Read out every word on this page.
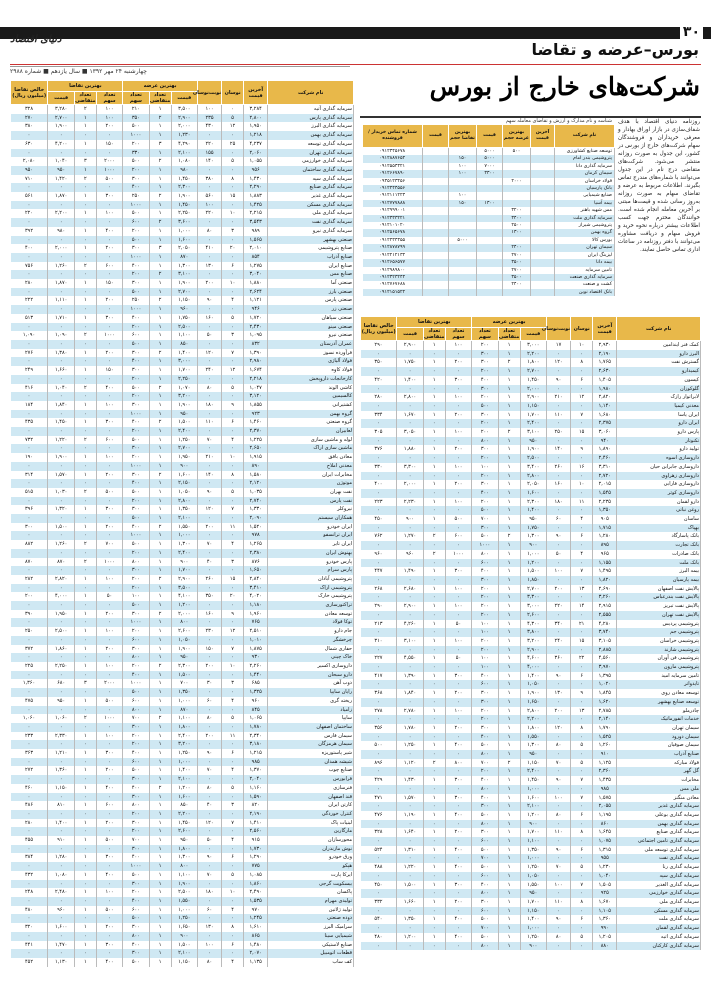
۳۰
دنیای اقتصاد
بورس–عرضه و تقاضا
چهارشنبه ۲۴ مهر ۱۳۹۲ ■ سال یازدهم ■ شماره ۲۹۸۸
شرکت‌های خارج از بورس
روزنامه دنیای اقتصاد با هدف شفاف‌سازی در بازار اوراق بهادار و معرفی خریداران و فروشندگان سهام شرکت‌های خارج از بورس در کشور، این جدول به صورت روزانه منتشر می‌شود. شرکت‌های متقاضی درج نام در این جدول می‌توانند با شماره‌های مندرج تماس بگیرند. اطلاعات مربوط به عرضه و تقاضای سهام به صورت روزانه به‌روز رسانی شده و قیمت‌ها مبتنی بر آخرین معامله انجام شده است. خوانندگان محترم جهت کسب اطلاعات بیشتر درباره نحوه خرید و فروش سهام و دریافت مشاوره می‌توانند با دفتر روزنامه در ساعات اداری تماس حاصل نمایند.
شناسه و نام مدارک و ارزش و تقاضای معامله سهم
نام شرکت	آخرین قیمت	بهترین عرضه حجم	قیمت	بهترین تقاضا حجم	قیمت	شماره تماس خریدار / فروشنده
توسعه صنایع کشاورزی		۵۰۰	۵۰۰۰			۰۹۱۲۳۴۵۶۷۸
پتروشیمی بندر امام			۵۰۰۰	۱۵۰		۰۹۱۲۸۸۷۶۵۴
سرمایه گذاری دانا			۷۰۰۰	۱۰۰		۰۹۱۲۵۵۴۳۲۱
سیمان کرمان			۳۳۰۰	۱۰۰		۰۹۱۲۶۶۷۸۹۰
فولاد خراسان		۲۰۰۰				۰۹۳۵۱۲۳۴۵۶
بانک پارسیان						۰۹۱۲۴۴۴۵۵۶
صنایع شیمیایی				۱۰۰		۰۹۱۲۱۱۱۲۲۳
بیمه آسیا			۱۳۰۰	۱۵۰		۰۹۱۲۷۷۷۸۸۸
مس شهید باهنر		۳۲۰۰				۰۹۱۲۹۹۹۰۰۱
سرمایه گذاری ملت		۳۴۰۰				۰۹۱۲۳۳۳۲۲۱
پتروشیمی شیراز		۲۵۰۰				۰۹۱۲۱۰۱۰۲۰
گروه بهمن		۱۳۰۰				۰۹۱۲۵۶۵۶۷۸
بورس کالا				۵۰۰۰		۰۹۱۲۴۳۴۳۵۵
سیمان تهران		۲۴۰۰				۰۹۱۲۸۷۸۷۹۹
لیزینگ ایران		۲۷۰۰				۰۹۱۲۲۱۲۱۳۴
بیمه دانا		۳۵۰۰				۰۹۱۲۶۵۶۵۷۷
تامین سرمایه		۲۷۰۰				۰۹۱۲۹۸۹۸۰۰
سرمایه گذاری صنعت		۳۵۰۰				۰۹۱۲۳۲۳۲۴۴
کشت و صنعت		۲۴۰۰				۰۹۱۲۷۶۷۶۸۸
بانک اقتصاد نوین						۰۹۱۲۱۵۱۵۲۲
نام شرکت	آخرین قیمت	نوسان	نوبت‌نوسان	بهترین عرضه			بهترین تقاضا			خالص تقاضا (میلیون ریال)
				قیمت	تعداد متقاضی	تعداد سهم	تعداد سهم	تعداد متقاضی	قیمت	
سرمایه گذاری آتیه	۳,۲۸۴	۰	۱۰۰	۳,۵۰۰	۱	۲۱۰	۱۰۰	۲	۳,۲۸۰	۳۲۸
سرمایه گذاری پارس	۲,۸۰۰	۵	۲۳۵	۲,۹۰۰	۲	۳۵۰	۱۰۰	۱	۲,۷۰۰	۲۷۰
سرمایه گذاری البرز	۱,۹۵۰	۱۲	۴۳۰	۲,۰۰۰	۱	۵۰۰	۲۰۰	۱	۱,۹۰۰	۳۸۰
سرمایه گذاری بهمن	۱,۲۱۸	۰	۰	۱,۲۳۰	۱	۱۰۰۰	۰	۰	۰	۰
سرمایه گذاری توسعه	۴,۲۳۷	۲۵	۲۲۰	۴,۲۹۰	۳	۲۰۰	۱۵۰	۱	۴,۲۰۰	۶۳۰
سرمایه گذاری تهران	۲,۰۶۰	۰	۱۵۵	۲,۱۰۰	۱	۳۳۰	۰	۰	۰	۰
سرمایه گذاری خوارزمی	۱,۰۵۵	۵	۱۴۰	۱,۰۸۰	۲	۵۰۰	۲۰۰۰	۳	۱,۰۴۰	۲,۰۸۰
سرمایه گذاری ساختمان	۹۵۶	۰	۰	۹۸۰	۱	۲۰۰	۱۰۰۰	۱	۹۵۰	۹۵۰
سرمایه گذاری سپه	۱,۴۳۰	۸	۳۸۰	۱,۴۵۰	۱	۳۰۰	۵۰۰	۲	۱,۴۲۰	۷۱۰
سرمایه گذاری صنایع	۲,۲۹۰	۰	۰	۲,۳۰۰	۱	۴۰۰	۰	۰	۰	۰
سرمایه گذاری غدیر	۱,۸۸۳	۱۵	۵۶۰	۱,۹۰۰	۲	۲۵۰	۳۰۰	۱	۱,۸۷۰	۵۶۱
سرمایه گذاری مسکن	۱,۴۲۵	۰	۱۰۰	۱,۴۵۰	۱	۱۰۰۰	۰	۰	۰	۰
سرمایه گذاری ملی	۲,۲۱۵	۱۰	۲۲۰	۲,۲۵۰	۱	۵۰۰	۱۰۰	۱	۲,۲۰۰	۲۲۰
سرمایه گذاری نفت	۳,۵۴۳	۰	۰	۳,۶۰۰	۲	۶۰۰	۰	۰	۰	۰
سرمایه گذاری نیرو	۹۸۹	۳	۸۰	۱,۰۰۰	۱	۲۰۰	۴۰۰	۱	۹۸۰	۳۹۲
صنعتی بهشهر	۱,۵۶۵	۰	۰	۱,۶۰۰	۱	۵۰۰	۰	۰	۰	۰
صنایع پتروشیمی	۲,۰۱۰	۲۰	۴۱۰	۲,۰۵۰	۳	۳۰۰	۲۰۰	۱	۲,۰۰۰	۴۰۰
صنایع آذراب	۸۵۴	۰	۰	۸۷۰	۱	۱۰۰۰	۰	۰	۰	۰
صنایع ایران	۱,۲۷۵	۶	۱۳۰	۱,۳۰۰	۱	۴۰۰	۶۰۰	۲	۱,۲۶۰	۷۵۶
صنایع مس	۳,۰۴۰	۰	۰	۳,۱۰۰	۲	۲۰۰	۰	۰	۰	۰
صنعتی آما	۱,۸۸۰	۱۰	۲۰۰	۱,۹۰۰	۱	۳۰۰	۱۵۰	۱	۱,۸۷۰	۲۸۰
صنعتی بارز	۲,۶۲۴	۰	۰	۲,۷۰۰	۱	۵۰۰	۰	۰	۰	۰
صنعتی پارس	۱,۱۲۱	۴	۹۰	۱,۱۵۰	۲	۲۵۰	۲۰۰	۱	۱,۱۱۰	۲۲۲
صنعتی زر	۹۴۶	۰	۰	۹۶۰	۱	۱۰۰۰	۰	۰	۰	۰
صنعتی سپاهان	۱,۷۲۰	۵	۱۶۰	۱,۷۵۰	۱	۴۰۰	۳۰۰	۱	۱,۷۱۰	۵۱۳
صنعتی مینو	۲,۴۳۰	۰	۰	۲,۵۰۰	۱	۲۰۰	۰	۰	۰	۰
صنعتی نیرو	۱,۰۹۵	۳	۵۰	۱,۱۰۰	۱	۶۰۰	۱۰۰۰	۲	۱,۰۹۰	۱,۰۹۰
عمران آذرستان	۸۳۲	۰	۰	۸۵۰	۱	۵۰۰	۰	۰	۰	۰
فرآورده نسوز	۱,۳۹۰	۷	۱۲۰	۱,۴۰۰	۲	۳۰۰	۲۰۰	۱	۱,۳۸۰	۲۷۶
فولاد آلیاژی	۲,۹۸۰	۰	۰	۳,۰۰۰	۱	۴۰۰	۰	۰	۰	۰
فولاد کاوه	۱,۶۷۴	۱۲	۲۴۰	۱,۷۰۰	۱	۳۰۰	۱۵۰	۱	۱,۶۶۰	۲۴۹
کارخانجات داروپخش	۲,۲۱۸	۰	۰	۲,۲۵۰	۱	۲۰۰	۰	۰	۰	۰
کاشی الوند	۱,۰۴۷	۵	۸۰	۱,۰۷۰	۲	۵۰۰	۴۰۰	۲	۱,۰۴۰	۴۱۶
کالسیمین	۳,۱۲۰	۰	۰	۳,۲۰۰	۱	۲۰۰	۰	۰	۰	۰
کشتیرانی	۱,۸۵۵	۹	۱۸۰	۱,۹۰۰	۱	۳۰۰	۱۰۰	۱	۱,۸۴۰	۱۸۴
گروه بهمن	۹۲۳	۰	۰	۹۵۰	۱	۱۰۰۰	۰	۰	۰	۰
گروه صنعتی	۱,۴۶۰	۶	۱۱۰	۱,۵۰۰	۲	۴۰۰	۳۰۰	۱	۱,۴۵۰	۴۳۵
لعابیران	۲,۳۷۰	۰	۰	۲,۴۰۰	۱	۲۰۰	۰	۰	۰	۰
لوله و ماشین سازی	۱,۲۲۵	۴	۷۰	۱,۲۵۰	۱	۵۰۰	۶۰۰	۲	۱,۲۲۰	۷۳۲
ماشین سازی اراک	۲,۶۵۰	۰	۰	۲,۷۰۰	۱	۳۰۰	۰	۰	۰	۰
معادن بافق	۱,۹۱۵	۱۰	۲۱۰	۱,۹۵۰	۱	۲۰۰	۱۰۰	۱	۱,۹۰۰	۱۹۰
معدنی املاح	۸۹۰	۰	۰	۹۰۰	۱	۱۰۰۰	۰	۰	۰	۰
مخابرات ایران	۱,۵۸۰	۸	۱۴۰	۱,۶۰۰	۲	۳۰۰	۲۰۰	۱	۱,۵۷۰	۳۱۴
موتوژن	۲,۱۲۰	۰	۰	۲,۱۵۰	۱	۴۰۰	۰	۰	۰	۰
نفت بهران	۱,۰۳۵	۵	۹۰	۱,۰۵۰	۱	۵۰۰	۵۰۰	۲	۱,۰۳۰	۵۱۵
نفت پارس	۲,۷۴۰	۰	۰	۲,۸۰۰	۱	۲۰۰	۰	۰	۰	۰
نیروکلر	۱,۳۳۰	۷	۱۲۰	۱,۳۵۰	۱	۳۰۰	۳۰۰	۱	۱,۳۲۰	۳۹۶
همکاران سیستم	۲,۰۹۰	۰	۰	۲,۱۰۰	۱	۵۰۰	۰	۰	۰	۰
ایران خودرو	۱,۵۲۰	۱۱	۲۰۰	۱,۵۵۰	۲	۴۰۰	۲۰۰	۱	۱,۵۰۰	۳۰۰
ایران ترانسفو	۹۷۸	۰	۰	۱,۰۰۰	۱	۱۰۰۰	۰	۰	۰	۰
ایران تایر	۱,۲۶۵	۴	۷۰	۱,۳۰۰	۱	۵۰۰	۷۰۰	۲	۱,۲۶۰	۸۸۲
بهنوش ایران	۲,۳۸۰	۰	۰	۲,۴۰۰	۱	۲۰۰	۰	۰	۰	۰
پارس خودرو	۸۷۶	۳	۴۰	۹۰۰	۱	۸۰۰	۱۰۰۰	۲	۸۷۰	۸۷۰
پارس سرام	۱,۶۵۰	۰	۰	۱,۷۰۰	۱	۳۰۰	۰	۰	۰	۰
پتروشیمی آبادان	۲,۸۴۰	۱۵	۲۶۰	۲,۹۰۰	۲	۲۰۰	۱۰۰	۱	۲,۸۲۰	۲۸۲
پتروشیمی اراک	۳,۴۱۰	۰	۰	۳,۵۰۰	۱	۲۰۰	۰	۰	۰	۰
پتروشیمی خارک	۴,۰۲۰	۲۰	۳۵۰	۴,۱۰۰	۱	۱۰۰	۵۰	۱	۴,۰۰۰	۲۰۰
تراکتورسازی	۱,۱۸۰	۰	۰	۱,۲۰۰	۱	۵۰۰	۰	۰	۰	۰
توسعه معادن	۱,۹۶۰	۹	۱۶۰	۲,۰۰۰	۲	۳۰۰	۲۰۰	۱	۱,۹۵۰	۳۹۰
توکا فولاد	۷۶۵	۰	۰	۸۰۰	۱	۱۰۰۰	۰	۰	۰	۰
جام دارو	۲,۵۱۰	۱۲	۲۳۰	۲,۶۰۰	۱	۲۰۰	۱۰۰	۱	۲,۵۰۰	۲۵۰
چرخشگر	۱,۰۱۰	۰	۰	۱,۰۵۰	۱	۶۰۰	۰	۰	۰	۰
حفاری شمال	۱,۸۷۵	۷	۱۵۰	۱,۹۰۰	۱	۳۰۰	۲۰۰	۱	۱,۸۶۰	۳۷۲
خاک چینی	۹۳۰	۰	۰	۹۵۰	۱	۸۰۰	۰	۰	۰	۰
داروسازی اکسیر	۲,۲۶۰	۱۰	۲۰۰	۲,۳۰۰	۲	۲۰۰	۱۰۰	۱	۲,۲۵۰	۲۲۵
دارو سبحان	۱,۴۴۰	۰	۰	۱,۵۰۰	۱	۴۰۰	۰	۰	۰	۰
ذوب آهن	۶۸۵	۳	۳۰	۷۰۰	۱	۱۰۰۰	۲۰۰۰	۳	۶۸۰	۱,۳۶۰
رایان سایپا	۱,۳۲۵	۰	۰	۱,۳۵۰	۱	۵۰۰	۰	۰	۰	۰
ریخته گری	۹۶۰	۴	۶۰	۱,۰۰۰	۱	۶۰۰	۵۰۰	۱	۹۵۰	۴۷۵
زامیاد	۸۴۵	۰	۰	۸۷۰	۱	۸۰۰	۰	۰	۰	۰
سایپا	۱,۰۶۵	۵	۸۰	۱,۱۰۰	۲	۷۰۰	۱۰۰۰	۲	۱,۰۶۰	۱,۰۶۰
ساختمان اصفهان	۱,۷۸۰	۰	۰	۱,۸۰۰	۱	۳۰۰	۰	۰	۰	۰
سیمان فارس	۲,۳۴۰	۱۱	۲۰۰	۲,۴۰۰	۱	۲۰۰	۱۰۰	۱	۲,۳۳۰	۲۳۳
سیمان هرمزگان	۳,۱۸۰	۰	۰	۳,۲۰۰	۱	۲۰۰	۰	۰	۰	۰
شیر پاستوریزه	۱,۲۱۵	۶	۹۰	۱,۲۵۰	۱	۴۰۰	۳۰۰	۱	۱,۲۱۰	۳۶۳
شیشه همدان	۹۸۵	۰	۰	۱,۰۰۰	۱	۶۰۰	۰	۰	۰	۰
صنایع چوب	۱,۳۷۰	۴	۷۰	۱,۴۰۰	۱	۵۰۰	۲۰۰	۱	۱,۳۶۰	۲۷۲
فرابورس	۲,۰۴۰	۰	۰	۲,۱۰۰	۱	۳۰۰	۰	۰	۰	۰
فنرسازی	۱,۱۶۰	۵	۸۰	۱,۲۰۰	۲	۴۰۰	۴۰۰	۱	۱,۱۵۰	۴۶۰
قند اصفهان	۱,۵۹۰	۰	۰	۱,۶۰۰	۱	۳۰۰	۰	۰	۰	۰
کارتن ایران	۸۲۰	۳	۴۰	۸۵۰	۱	۸۰۰	۶۰۰	۱	۸۱۰	۴۸۶
کنترل خوردگی	۲,۱۹۰	۰	۰	۲,۲۰۰	۱	۲۰۰	۰	۰	۰	۰
لبنیات پاک	۱,۴۱۰	۷	۱۲۰	۱,۴۵۰	۱	۳۰۰	۲۰۰	۱	۱,۴۰۰	۲۸۰
مارگارین	۲,۵۶۰	۰	۰	۲,۶۰۰	۱	۲۰۰	۰	۰	۰	۰
محورسازان	۹۱۵	۴	۵۰	۹۵۰	۱	۷۰۰	۵۰۰	۱	۹۱۰	۴۵۵
نوش مازندران	۱,۷۳۰	۰	۰	۱,۸۰۰	۱	۳۰۰	۰	۰	۰	۰
ورق خودرو	۱,۲۹۰	۶	۹۰	۱,۳۰۰	۱	۴۰۰	۳۰۰	۱	۱,۲۸۰	۳۸۴
هپکو	۷۷۵	۰	۰	۸۰۰	۱	۱۰۰۰	۰	۰	۰	۰
ایرکا پارت	۱,۰۸۵	۵	۷۰	۱,۱۰۰	۱	۵۰۰	۴۰۰	۱	۱,۰۸۰	۴۳۲
بیسکویت گرجی	۱,۸۶۰	۰	۰	۱,۹۰۰	۱	۳۰۰	۰	۰	۰	۰
پاکسان	۲,۴۹۰	۱۰	۱۸۰	۲,۵۰۰	۱	۲۰۰	۱۰۰	۱	۲,۴۸۰	۲۴۸
تولیدی مهرام	۱,۵۳۵	۰	۰	۱,۵۵۰	۱	۴۰۰	۰	۰	۰	۰
تولید ژلاتین	۹۷۰	۴	۶۰	۱,۰۰۰	۱	۶۰۰	۵۰۰	۱	۹۶۰	۴۸۰
دوده صنعتی	۱,۲۴۵	۰	۰	۱,۲۵۰	۱	۵۰۰	۰	۰	۰	۰
سرامیک البرز	۱,۶۱۰	۸	۱۳۰	۱,۶۵۰	۱	۳۰۰	۲۰۰	۱	۱,۶۰۰	۳۲۰
شیمیایی سینا	۸۶۵	۰	۰	۹۰۰	۱	۸۰۰	۰	۰	۰	۰
صنایع لاستیکی	۱,۴۸۰	۶	۱۰۰	۱,۵۰۰	۱	۴۰۰	۳۰۰	۱	۱,۴۷۰	۴۴۱
قطعات اتومبیل	۲,۰۷۰	۰	۰	۲,۱۰۰	۱	۳۰۰	۰	۰	۰	۰
کف ساب	۱,۱۳۵	۴	۸۰	۱,۱۵۰	۱	۵۰۰	۴۰۰	۱	۱,۱۳۰	۴۵۲
نام شرکت	آخرین قیمت	نوسان	نوبت‌نوسان	بهترین عرضه			بهترین تقاضا			خالص تقاضا (میلیون ریال)
				قیمت	تعداد متقاضی	تعداد سهم	تعداد سهم	تعداد متقاضی	قیمت	
کمک فنر ایندامین	۲,۹۳۰	۱۰	۱۷	۳,۰۰۰	۱	۲۰۰	۱۰۰	۱	۲,۹۰۰	۲۹۰
البرز دارو	۲,۱۹۰	۰	۰	۲,۲۰۰	۱	۳۰۰	۰	۰	۰	۰
گسترش نفت	۱,۷۶۵	۸	۱۲۰	۱,۸۰۰	۲	۳۰۰	۲۰۰	۱	۱,۷۵۰	۳۵۰
کیمیدارو	۲,۶۳۰	۰	۰	۲,۷۰۰	۱	۲۰۰	۰	۰	۰	۰
کیسون	۱,۴۰۵	۶	۹۰	۱,۴۵۰	۱	۴۰۰	۳۰۰	۱	۱,۴۰۰	۴۲۰
گلوکوزان	۱,۹۸۰	۰	۰	۲,۰۰۰	۱	۳۰۰	۰	۰	۰	۰
لابراتوار رازک	۲,۸۲۰	۱۲	۲۱۰	۲,۹۰۰	۱	۲۰۰	۱۰۰	۱	۲,۸۰۰	۲۸۰
معدنی کیمیا	۱,۱۴۰	۰	۰	۱,۱۵۰	۱	۵۰۰	۰	۰	۰	۰
ایران یاسا	۱,۶۸۰	۷	۱۱۰	۱,۷۰۰	۱	۳۰۰	۲۰۰	۱	۱,۶۷۰	۳۳۴
ایران دارو	۲,۳۷۵	۰	۰	۲,۴۰۰	۱	۲۰۰	۰	۰	۰	۰
پارس دارو	۳,۰۶۰	۱۵	۲۵۰	۳,۱۰۰	۲	۲۰۰	۱۰۰	۱	۳,۰۵۰	۳۰۵
تکنوتار	۹۴۰	۰	۰	۹۵۰	۱	۸۰۰	۰	۰	۰	۰
تولید دارو	۱,۸۹۰	۹	۱۴۰	۱,۹۰۰	۱	۳۰۰	۲۰۰	۱	۱,۸۸۰	۳۷۶
داروسازی اسوه	۲,۴۶۰	۰	۰	۲,۵۰۰	۱	۲۰۰	۰	۰	۰	۰
داروسازی جابرابن حیان	۳,۳۱۰	۱۶	۲۶۰	۳,۴۰۰	۱	۱۰۰	۱۰۰	۱	۳,۳۰۰	۳۳۰
داروسازی زهراوی	۲,۷۲۰	۰	۰	۲,۸۰۰	۱	۲۰۰	۰	۰	۰	۰
داروسازی فارابی	۲,۰۱۵	۱۰	۱۶۰	۲,۰۵۰	۱	۳۰۰	۲۰۰	۱	۲,۰۰۰	۴۰۰
داروسازی کوثر	۱,۵۴۵	۰	۰	۱,۶۰۰	۱	۴۰۰	۰	۰	۰	۰
دارو لقمان	۲,۲۳۵	۱۱	۱۸۰	۲,۳۰۰	۱	۲۰۰	۱۰۰	۱	۲,۲۳۰	۲۲۳
روغن نباتی	۱,۳۵۰	۰	۰	۱,۴۰۰	۱	۵۰۰	۰	۰	۰	۰
ساسان	۹۰۵	۴	۶۰	۹۵۰	۱	۷۰۰	۵۰۰	۱	۹۰۰	۴۵۰
بهپاک	۱,۷۱۵	۰	۰	۱,۷۵۰	۱	۳۰۰	۰	۰	۰	۰
بانک پاسارگاد	۱,۲۸۰	۶	۹۰	۱,۳۰۰	۲	۵۰۰	۶۰۰	۲	۱,۲۷۰	۷۶۲
بانک تجارت	۸۹۵	۰	۰	۹۰۰	۱	۱۰۰۰	۰	۰	۰	۰
بانک صادرات	۹۶۵	۴	۵۰	۱,۰۰۰	۱	۸۰۰	۱۰۰۰	۲	۹۶۰	۹۶۰
بانک ملت	۱,۱۵۵	۰	۰	۱,۲۰۰	۱	۶۰۰	۰	۰	۰	۰
بیمه البرز	۱,۴۹۵	۷	۱۰۰	۱,۵۰۰	۱	۴۰۰	۳۰۰	۱	۱,۴۹۰	۴۴۷
بیمه پارسیان	۱,۸۲۰	۰	۰	۱,۸۵۰	۱	۳۰۰	۰	۰	۰	۰
پالایش نفت اصفهان	۲,۶۹۰	۱۳	۲۰۰	۲,۷۰۰	۱	۲۰۰	۱۰۰	۱	۲,۶۸۰	۲۶۸
پالایش نفت بندرعباس	۳,۲۶۰	۰	۰	۳,۳۰۰	۱	۲۰۰	۰	۰	۰	۰
پالایش نفت تبریز	۲,۹۱۵	۱۴	۲۲۰	۳,۰۰۰	۱	۲۰۰	۱۰۰	۱	۲,۹۰۰	۲۹۰
پالایش نفت تهران	۲,۵۵۵	۰	۰	۲,۶۰۰	۱	۲۰۰	۰	۰	۰	۰
پتروشیمی پردیس	۴,۲۸۰	۲۱	۳۴۰	۴,۳۰۰	۱	۱۰۰	۵۰	۱	۴,۲۶۰	۲۱۳
پتروشیمی جم	۳,۷۴۰	۰	۰	۳,۸۰۰	۱	۱۰۰	۰	۰	۰	۰
پتروشیمی خراسان	۳,۱۰۵	۱۵	۲۴۰	۳,۲۰۰	۱	۲۰۰	۱۰۰	۱	۳,۱۰۰	۳۱۰
پتروشیمی شازند	۲,۸۸۵	۰	۰	۲,۹۰۰	۱	۲۰۰	۰	۰	۰	۰
پتروشیمی فن آوران	۴,۵۶۰	۲۲	۳۶۰	۴,۶۰۰	۱	۱۰۰	۵۰	۱	۴,۵۵۰	۲۲۷
پتروشیمی مارون	۳,۹۷۰	۰	۰	۴,۰۰۰	۱	۱۰۰	۰	۰	۰	۰
تامین سرمایه امید	۱,۳۹۵	۶	۹۰	۱,۴۰۰	۱	۴۰۰	۳۰۰	۱	۱,۳۹۰	۴۱۷
تایدواتر	۱,۰۲۰	۰	۰	۱,۰۵۰	۱	۶۰۰	۰	۰	۰	۰
توسعه معادن روی	۱,۸۴۵	۹	۱۳۰	۱,۹۰۰	۱	۳۰۰	۲۰۰	۱	۱,۸۴۰	۳۶۸
توسعه صنایع بهشهر	۱,۶۲۰	۰	۰	۱,۶۵۰	۱	۳۰۰	۰	۰	۰	۰
چادرملو	۲,۷۸۵	۱۳	۲۰۰	۲,۸۰۰	۱	۲۰۰	۱۰۰	۱	۲,۷۸۰	۲۷۸
خدمات انفورماتیک	۲,۱۴۰	۰	۰	۲,۲۰۰	۱	۲۰۰	۰	۰	۰	۰
سیمان تهران	۱,۷۹۰	۸	۱۲۰	۱,۸۰۰	۱	۳۰۰	۲۰۰	۱	۱,۷۸۰	۳۵۶
سیمان دورود	۱,۵۲۵	۰	۰	۱,۵۵۰	۱	۴۰۰	۰	۰	۰	۰
سیمان صوفیان	۱,۲۶۰	۵	۸۰	۱,۳۰۰	۱	۵۰۰	۴۰۰	۱	۱,۲۵۰	۵۰۰
صنایع آذراب	۹۱۰	۰	۰	۹۵۰	۱	۸۰۰	۰	۰	۰	۰
فولاد مبارکه	۱,۱۲۵	۵	۷۰	۱,۱۵۰	۲	۷۰۰	۸۰۰	۲	۱,۱۲۰	۸۹۶
گل گهر	۲,۳۶۰	۰	۰	۲,۴۰۰	۱	۲۰۰	۰	۰	۰	۰
مخابرات	۱,۴۳۵	۷	۹۰	۱,۴۵۰	۱	۴۰۰	۳۰۰	۱	۱,۴۳۰	۴۲۹
ملی مس	۹۸۵	۰	۰	۱,۰۰۰	۱	۸۰۰	۰	۰	۰	۰
معادن منگنز	۱,۵۷۵	۷	۱۰۰	۱,۶۰۰	۱	۴۰۰	۳۰۰	۱	۱,۵۷۰	۴۷۱
سرمایه گذاری غدیر	۲,۰۵۵	۰	۰	۲,۱۰۰	۱	۳۰۰	۰	۰	۰	۰
سرمایه گذاری بوعلی	۱,۱۹۵	۶	۸۰	۱,۲۰۰	۱	۵۰۰	۴۰۰	۱	۱,۱۹۰	۴۷۶
سرمایه گذاری بهمن	۸۶۰	۰	۰	۹۰۰	۱	۸۰۰	۰	۰	۰	۰
سرمایه گذاری صنایع	۱,۶۴۵	۸	۱۱۰	۱,۷۰۰	۱	۳۰۰	۲۰۰	۱	۱,۶۴۰	۳۲۸
سرمایه گذاری تامین اجتماعی	۱,۰۷۵	۰	۰	۱,۱۰۰	۱	۶۰۰	۰	۰	۰	۰
سرمایه گذاری توسعه ملی	۱,۳۱۵	۶	۹۰	۱,۳۵۰	۱	۵۰۰	۴۰۰	۱	۱,۳۱۰	۵۲۴
سرمایه گذاری نفت	۹۵۵	۰	۰	۱,۰۰۰	۱	۷۰۰	۰	۰	۰	۰
سرمایه گذاری رنا	۱,۲۳۰	۵	۷۰	۱,۲۵۰	۱	۵۰۰	۴۰۰	۱	۱,۲۲۰	۴۸۸
سرمایه گذاری سپه	۱,۰۴۰	۰	۰	۱,۰۵۰	۱	۶۰۰	۰	۰	۰	۰
سرمایه گذاری الغدیر	۱,۵۰۵	۷	۱۰۰	۱,۵۵۰	۱	۴۰۰	۳۰۰	۱	۱,۵۰۰	۴۵۰
سرمایه گذاری خوارزمی	۹۲۵	۰	۰	۹۵۰	۱	۸۰۰	۰	۰	۰	۰
سرمایه گذاری ملی	۱,۶۷۰	۸	۱۱۰	۱,۷۰۰	۱	۳۰۰	۲۰۰	۱	۱,۶۶۰	۳۳۲
سرمایه گذاری مسکن	۱,۱۰۵	۰	۰	۱,۱۵۰	۱	۶۰۰	۰	۰	۰	۰
سرمایه گذاری ملت	۱,۳۶۰	۶	۹۰	۱,۴۰۰	۱	۵۰۰	۴۰۰	۱	۱,۳۵۰	۵۴۰
سرمایه گذاری لقمان	۹۹۰	۰	۰	۱,۰۰۰	۱	۷۰۰	۰	۰	۰	۰
سرمایه گذاری اتیه	۱,۲۰۵	۵	۸۰	۱,۲۵۰	۱	۵۰۰	۴۰۰	۱	۱,۲۰۰	۴۸۰
سرمایه گذاری کارکنان	۸۸۰	۰	۰	۹۰۰	۱	۸۰۰	۰	۰	۰	۰
